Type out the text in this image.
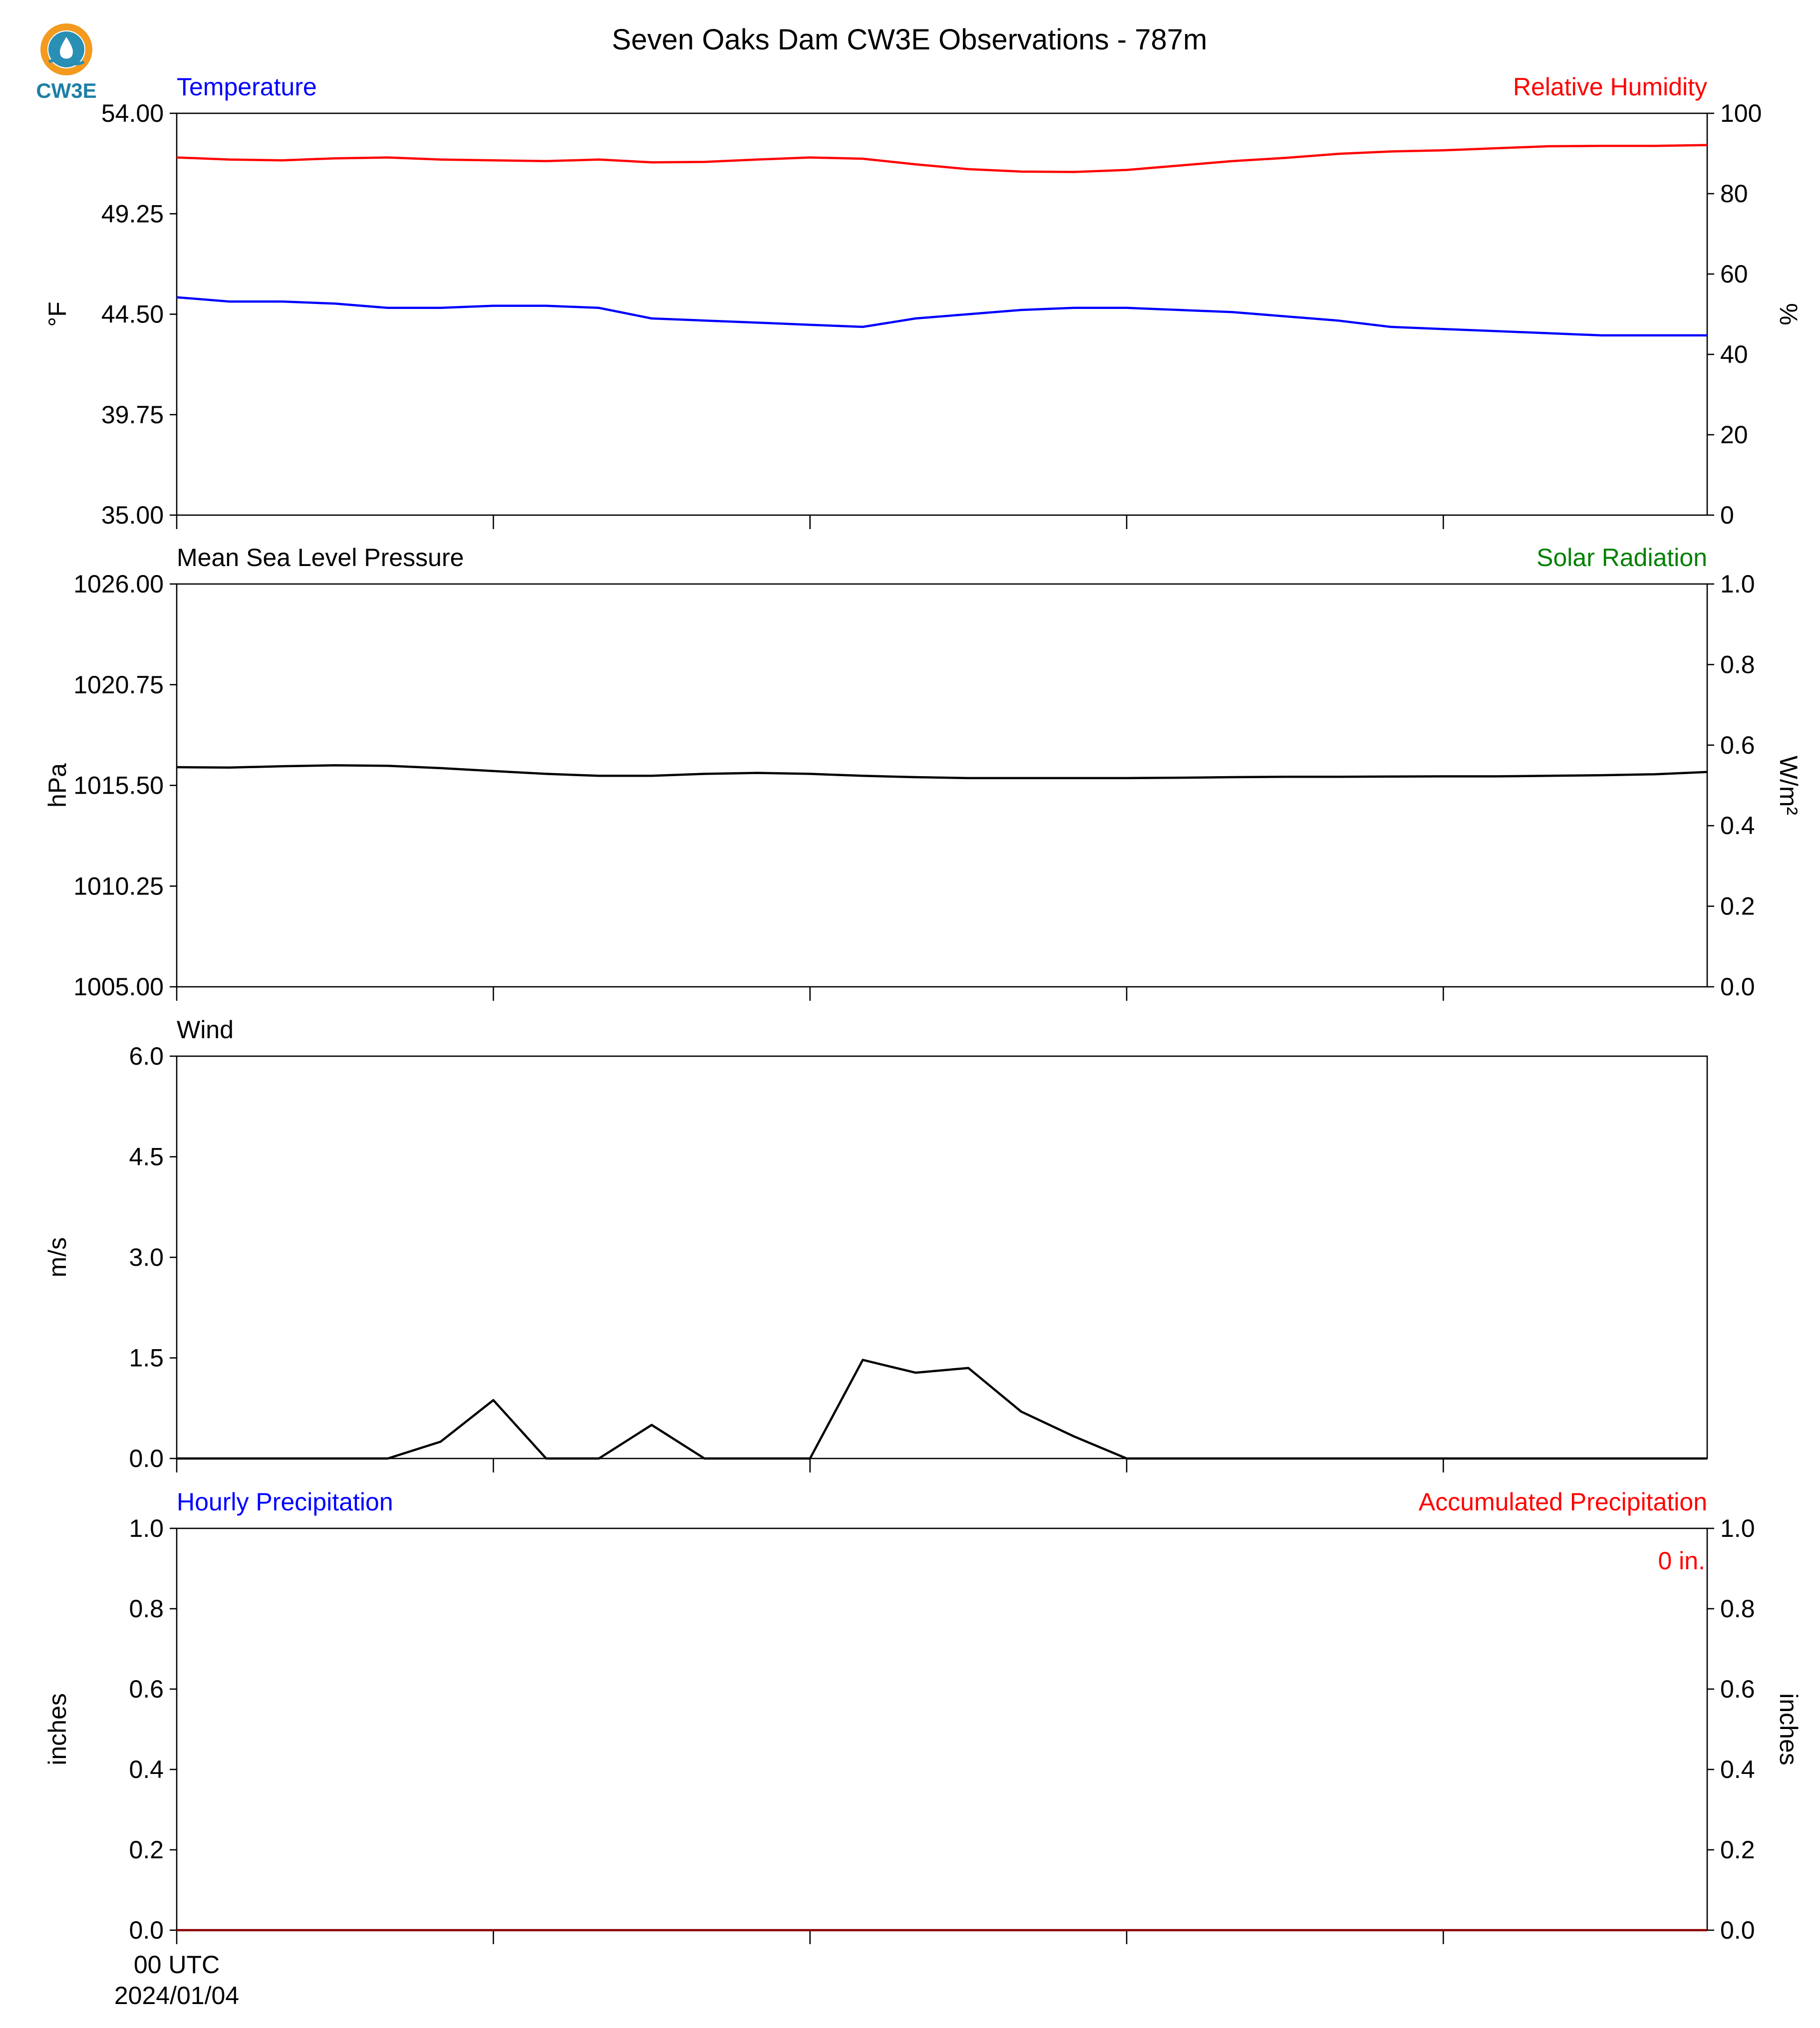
CW3E
Seven Oaks Dam CW3E Observations - 787m
54.00
49.25
44.50
39.75
35.00
100
80
60
40
20
0
Temperature	Relative Humidity
°F	%
1026.00
1020.75
1015.50
1010.25
1005.00
1.0
0.8
0.6
0.4
0.2
0.0
Mean Sea Level Pressure	Solar Radiation
hPa	W/m²
6.0
4.5
3.0
1.5
0.0
Wind
m/s
1.0
0.8
0.6
0.4
0.2
0.0
1.0
0.8
0.6
0.4
0.2
0.0
Hourly Precipitation	Accumulated Precipitation
inches	inches
0 in.
00 UTC
2024/01/04
